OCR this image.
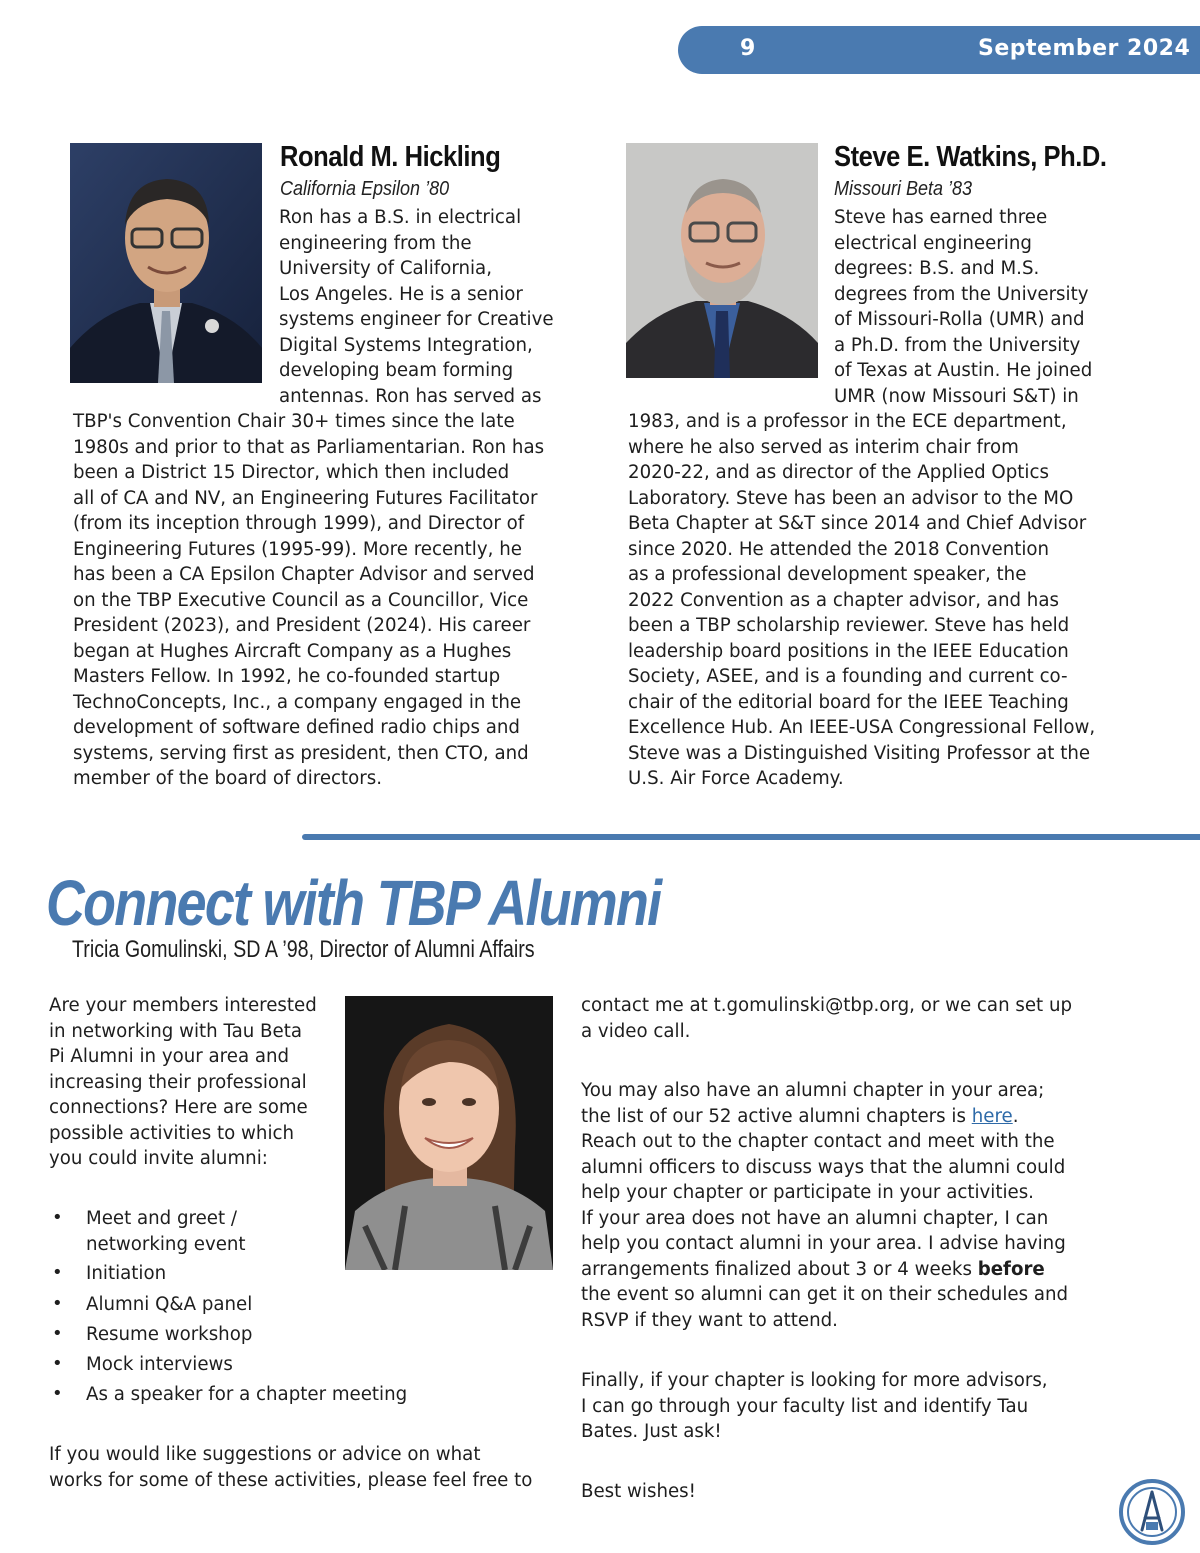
9	September 2024
Ronald M. Hickling
California Epsilon ’80
Ron has a B.S. in electrical
engineering from the
University of California,
Los Angeles. He is a senior
systems engineer for Creative
Digital Systems Integration,
developing beam forming
antennas. Ron has served as
TBP's Convention Chair 30+ times since the late
1980s and prior to that as Parliamentarian. Ron has
been a District 15 Director, which then included
all of CA and NV, an Engineering Futures Facilitator
(from its inception through 1999), and Director of
Engineering Futures (1995-99). More recently, he
has been a CA Epsilon Chapter Advisor and served
on the TBP Executive Council as a Councillor, Vice
President (2023), and President (2024). His career
began at Hughes Aircraft Company as a Hughes
Masters Fellow. In 1992, he co-founded startup
TechnoConcepts, Inc., a company engaged in the
development of software defined radio chips and
systems, serving first as president, then CTO, and
member of the board of directors.
Steve E. Watkins, Ph.D.
Missouri Beta ’83
Steve has earned three
electrical engineering
degrees: B.S. and M.S.
degrees from the University
of Missouri-Rolla (UMR) and
a Ph.D. from the University
of Texas at Austin. He joined
UMR (now Missouri S&T) in
1983, and is a professor in the ECE department,
where he also served as interim chair from
2020-22, and as director of the Applied Optics
Laboratory. Steve has been an advisor to the MO
Beta Chapter at S&T since 2014 and Chief Advisor
since 2020. He attended the 2018 Convention
as a professional development speaker, the
2022 Convention as a chapter advisor, and has
been a TBP scholarship reviewer. Steve has held
leadership board positions in the IEEE Education
Society, ASEE, and is a founding and current co-
chair of the editorial board for the IEEE Teaching
Excellence Hub. An IEEE-USA Congressional Fellow,
Steve was a Distinguished Visiting Professor at the
U.S. Air Force Academy.
Connect with TBP Alumni
Tricia Gomulinski, SD A ’98, Director of Alumni Affairs
Are your members interested
in networking with Tau Beta
Pi Alumni in your area and
increasing their professional
connections? Here are some
possible activities to which
you could invite alumni:
• Meet and greet /
networking event
• Initiation
• Alumni Q&A panel
• Resume workshop
• Mock interviews
• As a speaker for a chapter meeting
If you would like suggestions or advice on what
works for some of these activities, please feel free to
contact me at t.gomulinski@tbp.org, or we can set up
a video call.
You may also have an alumni chapter in your area;
the list of our 52 active alumni chapters is here.
Reach out to the chapter contact and meet with the
alumni officers to discuss ways that the alumni could
help your chapter or participate in your activities.
If your area does not have an alumni chapter, I can
help you contact alumni in your area. I advise having
arrangements finalized about 3 or 4 weeks before
the event so alumni can get it on their schedules and
RSVP if they want to attend.
Finally, if your chapter is looking for more advisors,
I can go through your faculty list and identify Tau
Bates. Just ask!
Best wishes!
